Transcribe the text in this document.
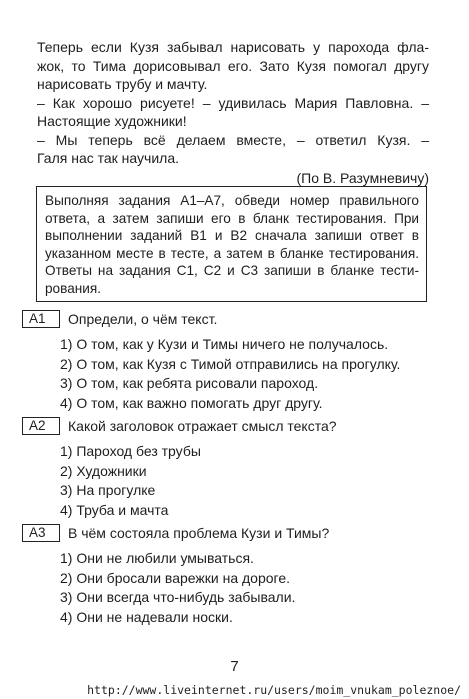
Теперь если Кузя забывал нарисовать у парохода фла-
жок, то Тима дорисовывал его. Зато Кузя помогал другу
нарисовать трубу и мачту.
– Как хорошо рисуете! – удивилась Мария Павловна. –
Настоящие художники!
– Мы теперь всё делаем вместе, – ответил Кузя. –
Галя нас так научила.

(По В. Разумневичу)
Выполняя задания А1–А7, обведи номер правильного
ответа, а затем запиши его в бланк тестирования. При
выполнении заданий В1 и В2 сначала запиши ответ в
указанном месте в тесте, а затем в бланке тестирования.
Ответы на задания С1, С2 и С3 запиши в бланке тести-
рования.
А1	Определи, о чём текст.
1) О том, как у Кузи и Тимы ничего не получалось.
2) О том, как Кузя с Тимой отправились на прогулку.
3) О том, как ребята рисовали пароход.
4) О том, как важно помогать друг другу.
А2	Какой заголовок отражает смысл текста?
1) Пароход без трубы
2) Художники
3) На прогулке
4) Труба и мачта
А3	В чём состояла проблема Кузи и Тимы?
1) Они не любили умываться.
2) Они бросали варежки на дороге.
3) Они всегда что-нибудь забывали.
4) Они не надевали носки.
7
http://www.liveinternet.ru/users/moim_vnukam_poleznoe/
